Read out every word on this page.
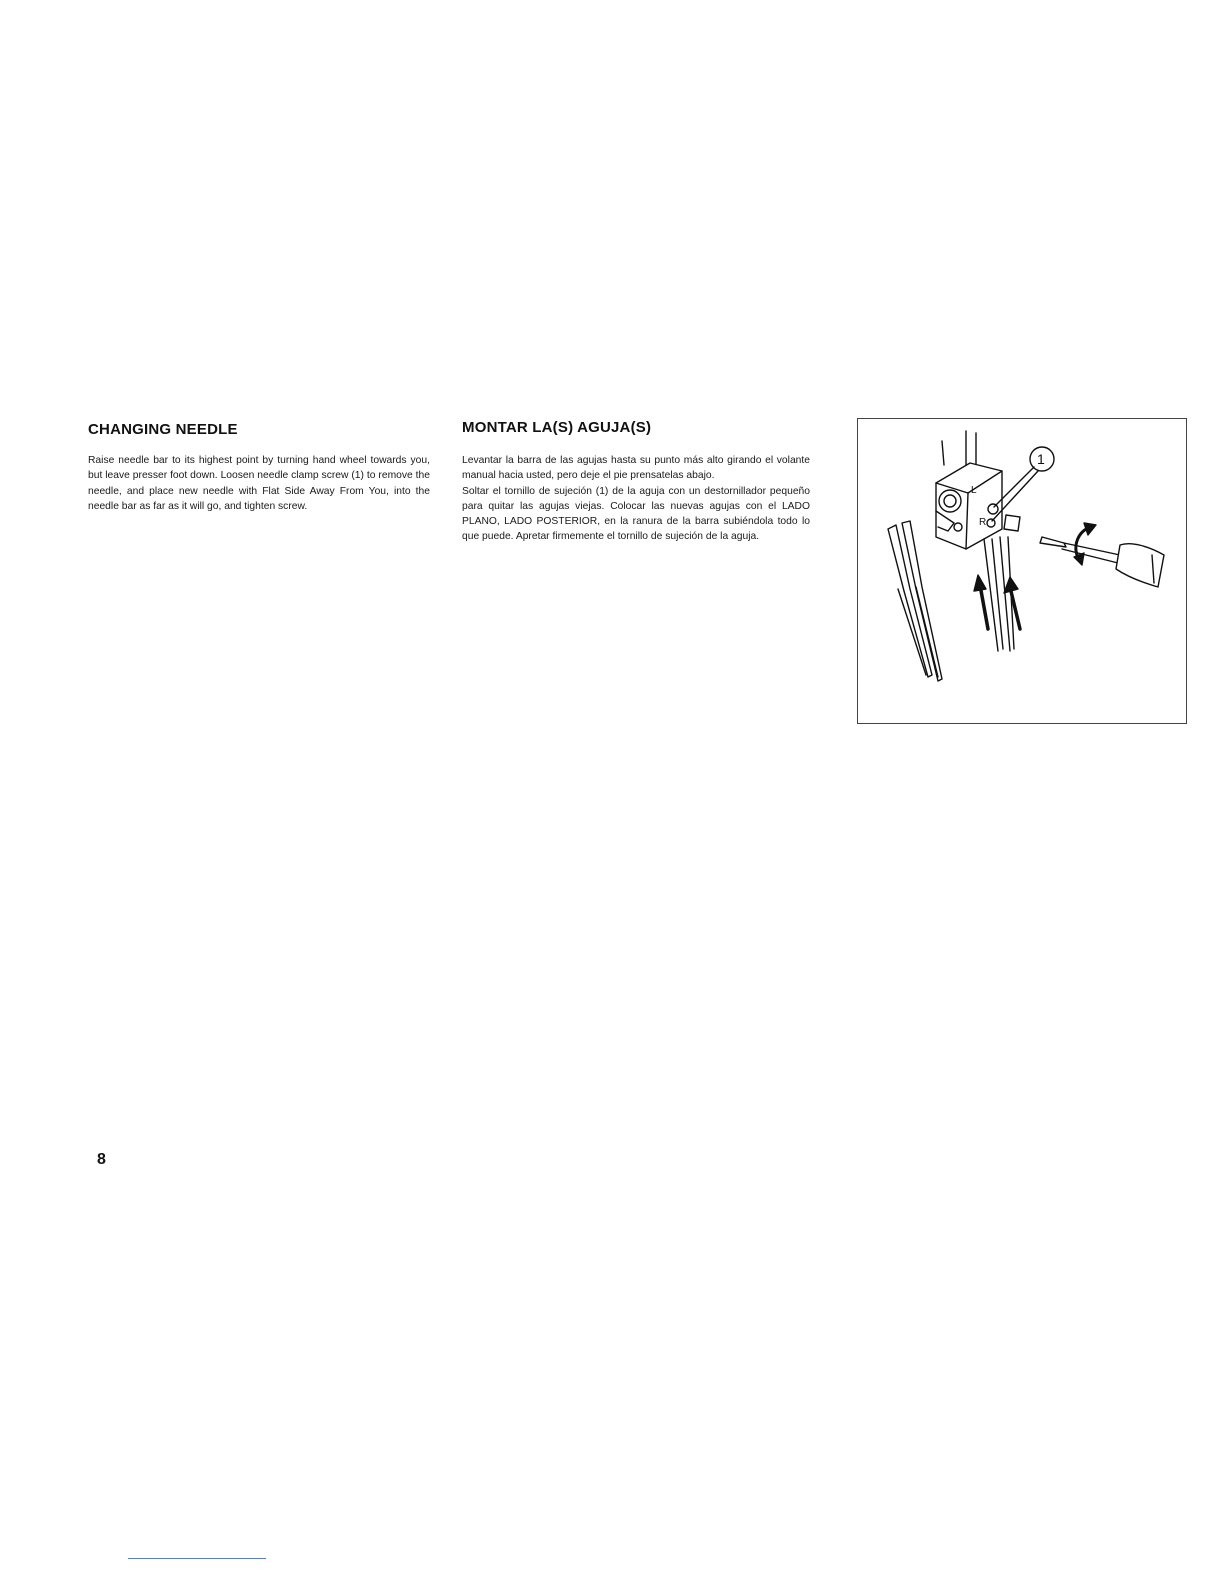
CHANGING NEEDLE

Raise needle bar to its highest point by turning hand wheel towards you, but leave presser foot down. Loosen needle clamp screw (1) to remove the needle, and place new needle with Flat Side Away From You, into the needle bar as far as it will go, and tighten screw.

MONTAR LA(S) AGUJA(S)
Levantar la barra de las agujas hasta su punto más alto girando el volante manual hacia usted, pero deje el pie prensatelas abajo.
Soltar el tornillo de sujeción (1) de la aguja con un destornillador pequeño para quitar las agujas viejas. Colocar las nuevas agujas con el LADO PLANO, LADO POSTERIOR, en la ranura de la barra subiéndola todo lo que puede. Apretar firmemente el tornillo de sujeción de la aguja.
1
L
R
8
